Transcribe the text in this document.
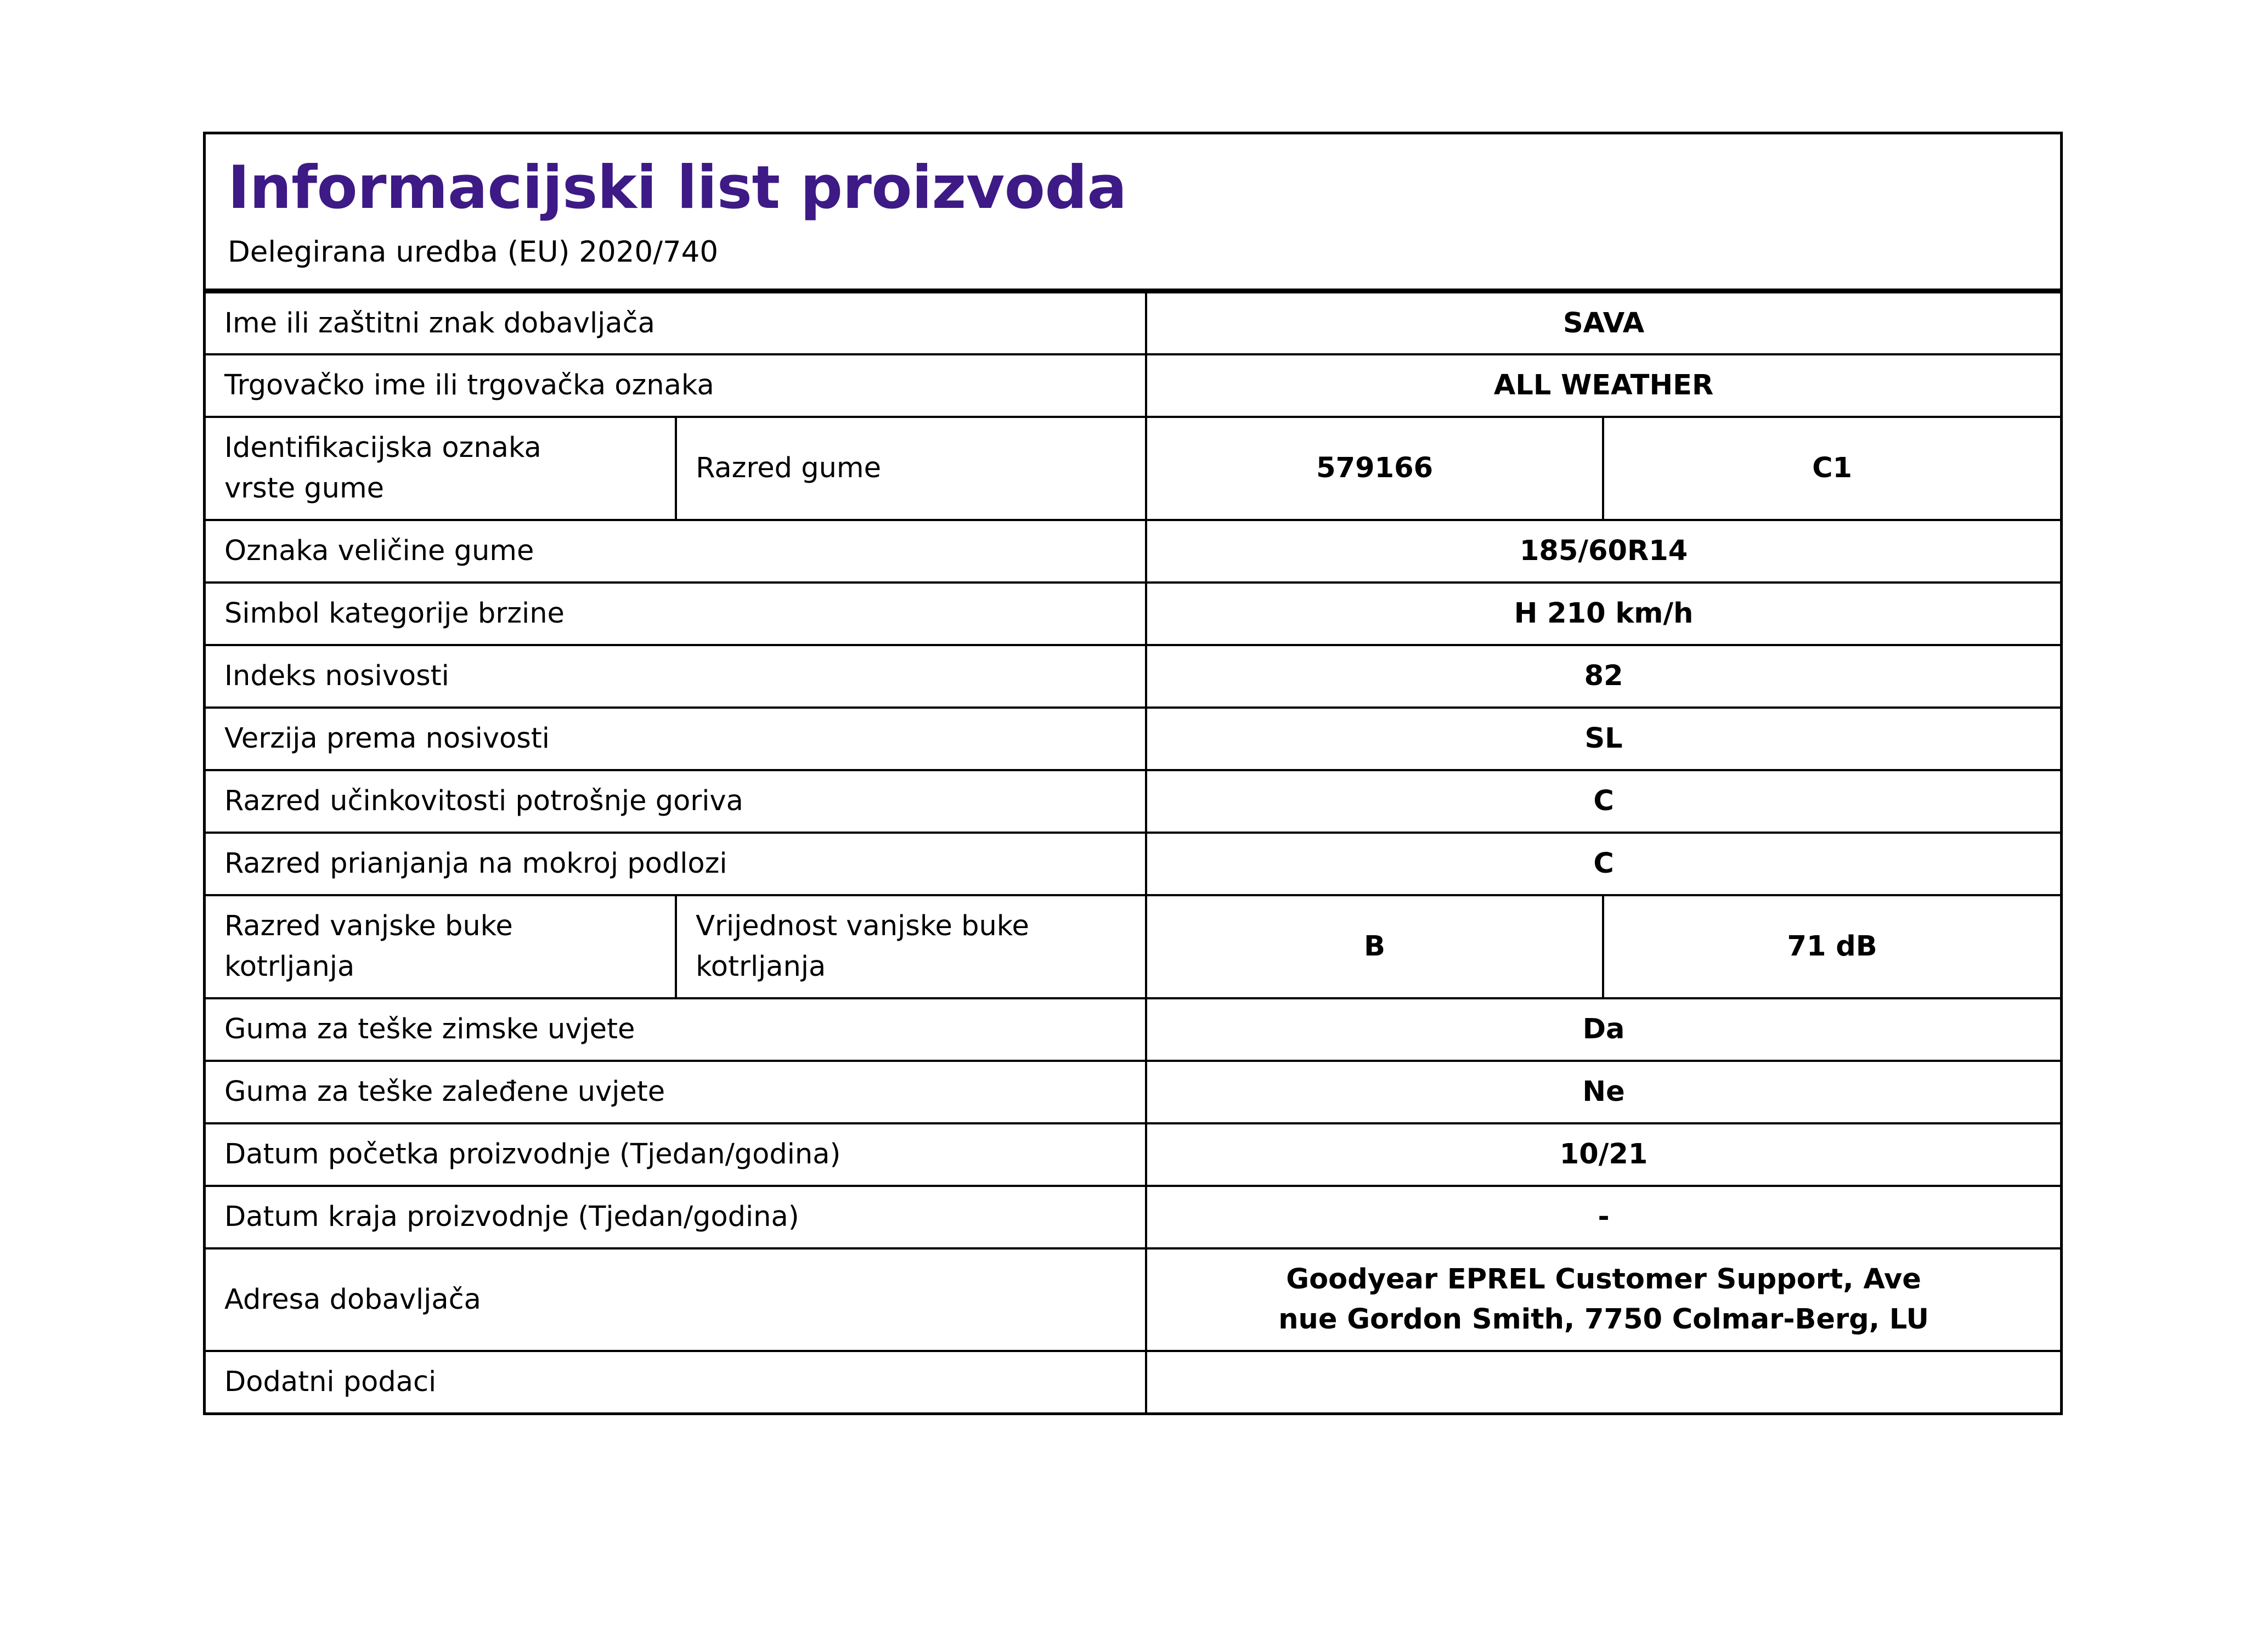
Informacijski list proizvoda
Delegirana uredba (EU) 2020/740
Ime ili zaštitni znak dobavljača		SAVA	
Trgovačko ime ili trgovačka oznaka		ALL WEATHER	

Identifikacijska oznaka
vrste gume	Razred gume	579166	C1
Oznaka veličine gume		185/60R14	
Simbol kategorije brzine		H 210 km/h	
Indeks nosivosti		82	
Verzija prema nosivosti		SL	
Razred učinkovitosti potrošnje goriva		C	
Razred prianjanja na mokroj podlozi		C	

Razred vanjske buke
kotrljanja	Vrijednost vanjske buke
kotrljanja	B	71 dB
Guma za teške zimske uvjete		Da	
Guma za teške zaleđene uvjete		Ne	
Datum početka proizvodnje (Tjedan/godina)		10/21	
Datum kraja proizvodnje (Tjedan/godina)		-	
Adresa dobavljača		Goodyear EPREL Customer Support, Ave
nue Gordon Smith, 7750 Colmar-Berg, LU	

Dodatni podaci			
